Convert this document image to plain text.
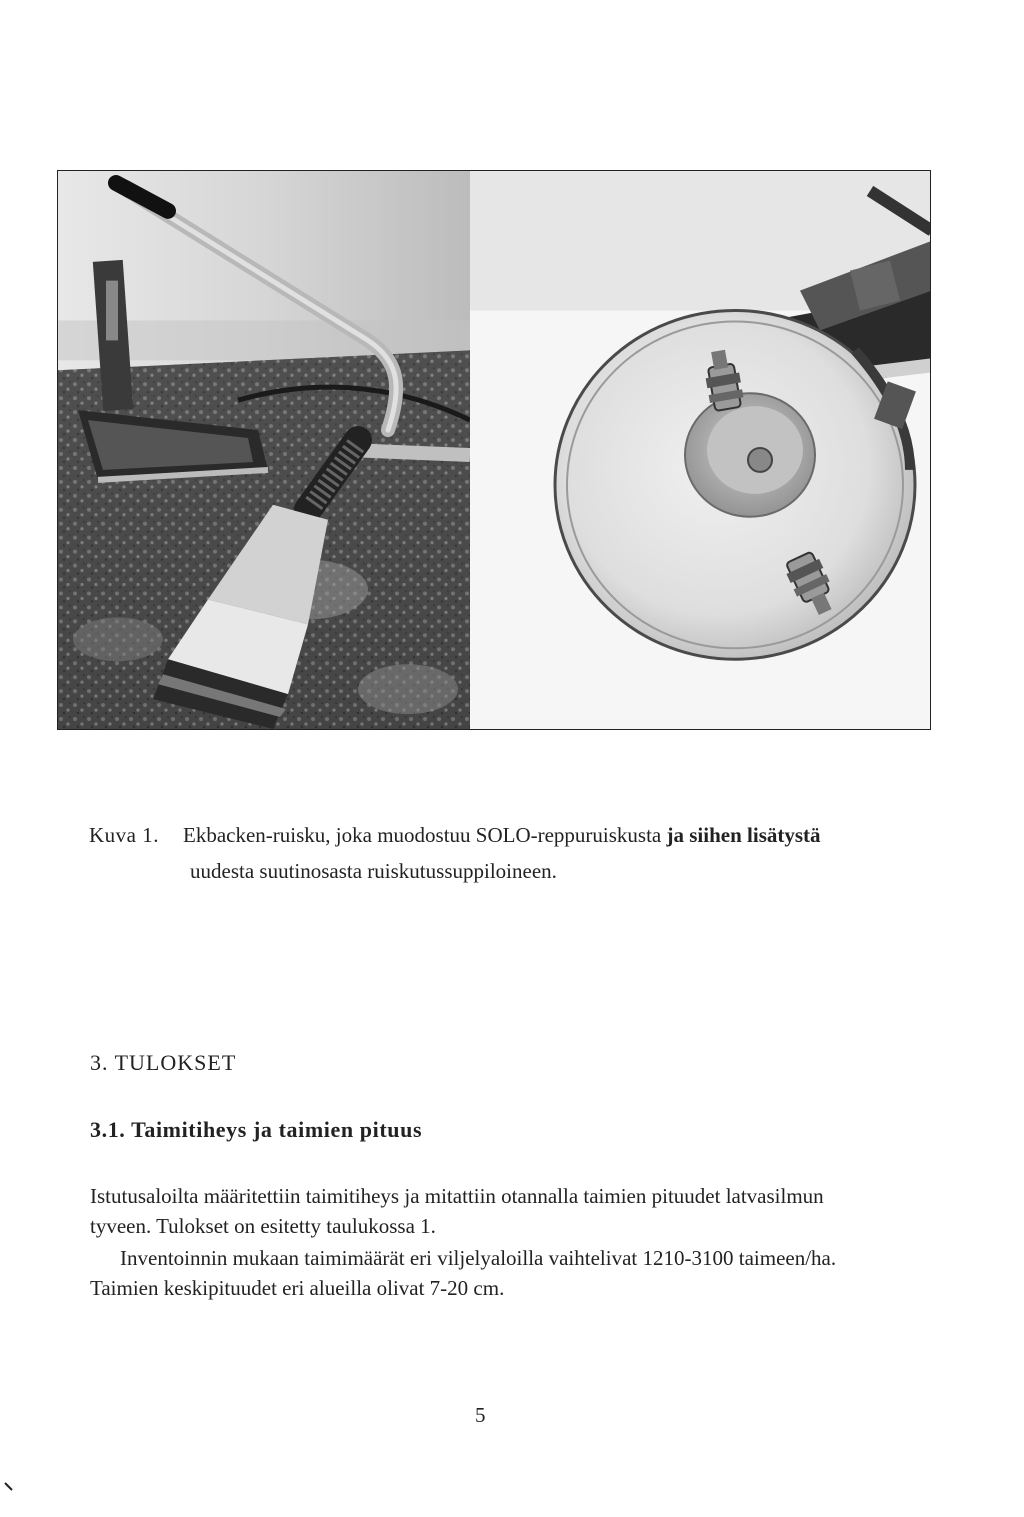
Kuva 1. Ekbacken-ruisku, joka muodostuu SOLO-reppuruiskusta ja siihen lisätystä
uudesta suutinosasta ruiskutussuppiloineen.
3. TULOKSET
3.1. Taimitiheys ja taimien pituus
Istutusaloilta määritettiin taimitiheys ja mitattiin otannalla taimien pituudet latvasilmun tyveen. Tulokset on esitetty taulukossa 1.
Inventoinnin mukaan taimimäärät eri viljelyaloilla vaihtelivat 1210-3100 taimeen/ha. Taimien keskipituudet eri alueilla olivat 7-20 cm.
5
